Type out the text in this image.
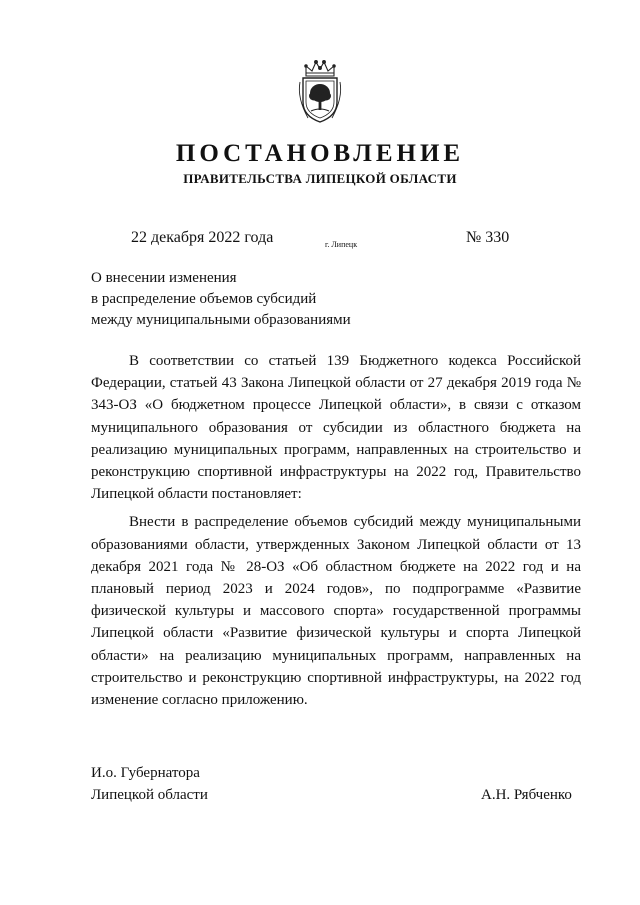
ПОСТАНОВЛЕНИЕ
ПРАВИТЕЛЬСТВА ЛИПЕЦКОЙ ОБЛАСТИ
22 декабря 2022 года	г. Липецк	№ 330
О внесении изменения
в распределение объемов субсидий
между муниципальными образованиями

В соответствии со статьей 139 Бюджетного кодекса Российской Федерации, статьей 43 Закона Липецкой области от 27 декабря 2019 года № 343-ОЗ «О бюджетном процессе Липецкой области», в связи с отказом муниципального образования от субсидии из областного бюджета на реализацию муниципальных программ, направленных на строительство и реконструкцию спортивной инфраструктуры на 2022 год, Правительство Липецкой области постановляет:

Внести в распределение объемов субсидий между муниципальными образованиями области, утвержденных Законом Липецкой области от 13 декабря 2021 года № 28-ОЗ «Об областном бюджете на 2022 год и на плановый период 2023 и 2024 годов», по подпрограмме «Развитие физической культуры и массового спорта» государственной программы Липецкой области «Развитие физической культуры и спорта Липецкой области» на реализацию муниципальных программ, направленных на строительство и реконструкцию спортивной инфраструктуры, на 2022 год изменение согласно приложению.

И.о. Губернатора
Липецкой области	А.Н. Рябченко
